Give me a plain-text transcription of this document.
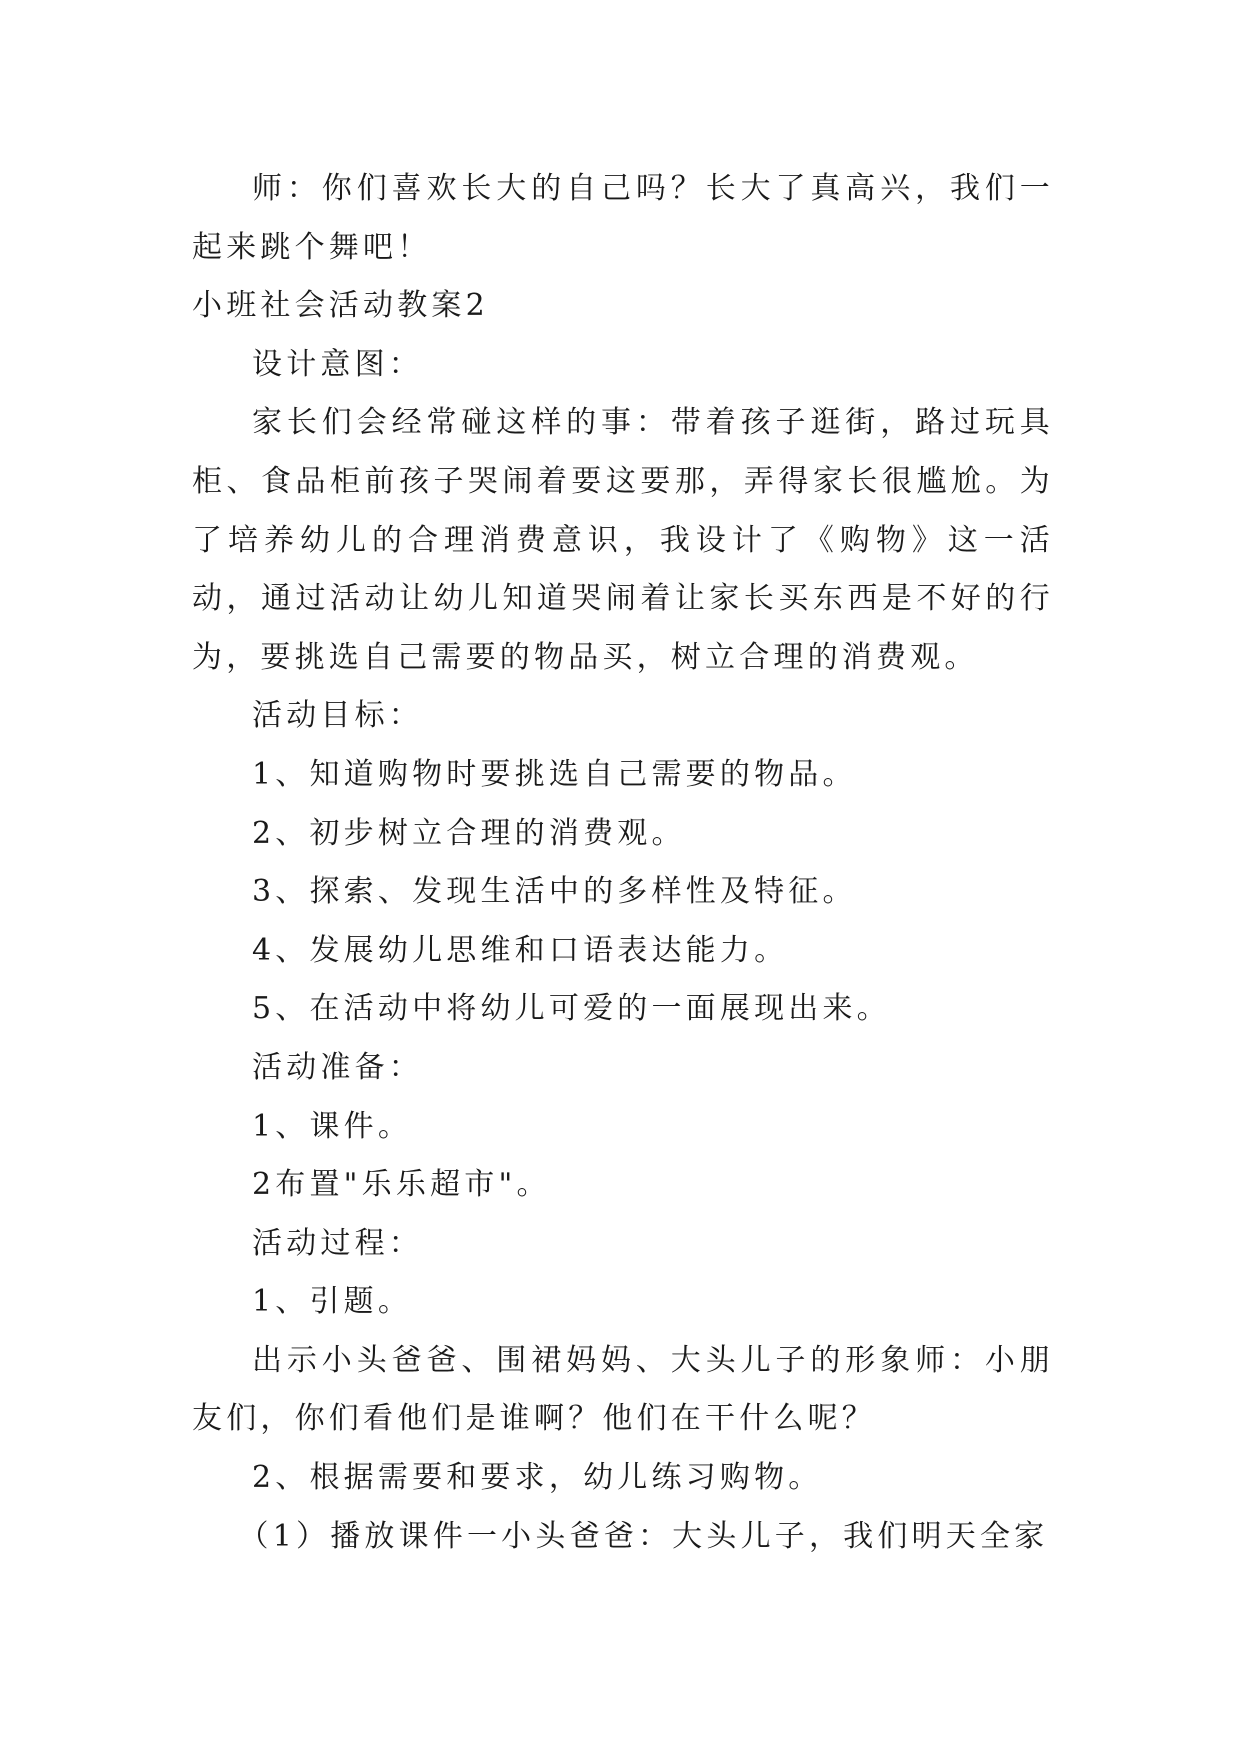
师：你们喜欢长大的自己吗？长大了真高兴，我们一起来跳个舞吧！

小班社会活动教案2

设计意图：

家长们会经常碰这样的事：带着孩子逛街，路过玩具柜、食品柜前孩子哭闹着要这要那，弄得家长很尴尬。为了培养幼儿的合理消费意识，我设计了《购物》这一活动，通过活动让幼儿知道哭闹着让家长买东西是不好的行为，要挑选自己需要的物品买，树立合理的消费观。

活动目标：

1、知道购物时要挑选自己需要的物品。

2、初步树立合理的消费观。

3、探索、发现生活中的多样性及特征。

4、发展幼儿思维和口语表达能力。

5、在活动中将幼儿可爱的一面展现出来。

活动准备：

1、课件。

2布置"乐乐超市"。

活动过程：

1、引题。

出示小头爸爸、围裙妈妈、大头儿子的形象师：小朋友们，你们看他们是谁啊？他们在干什么呢？

2、根据需要和要求，幼儿练习购物。

（1）播放课件一小头爸爸：大头儿子，我们明天全家
